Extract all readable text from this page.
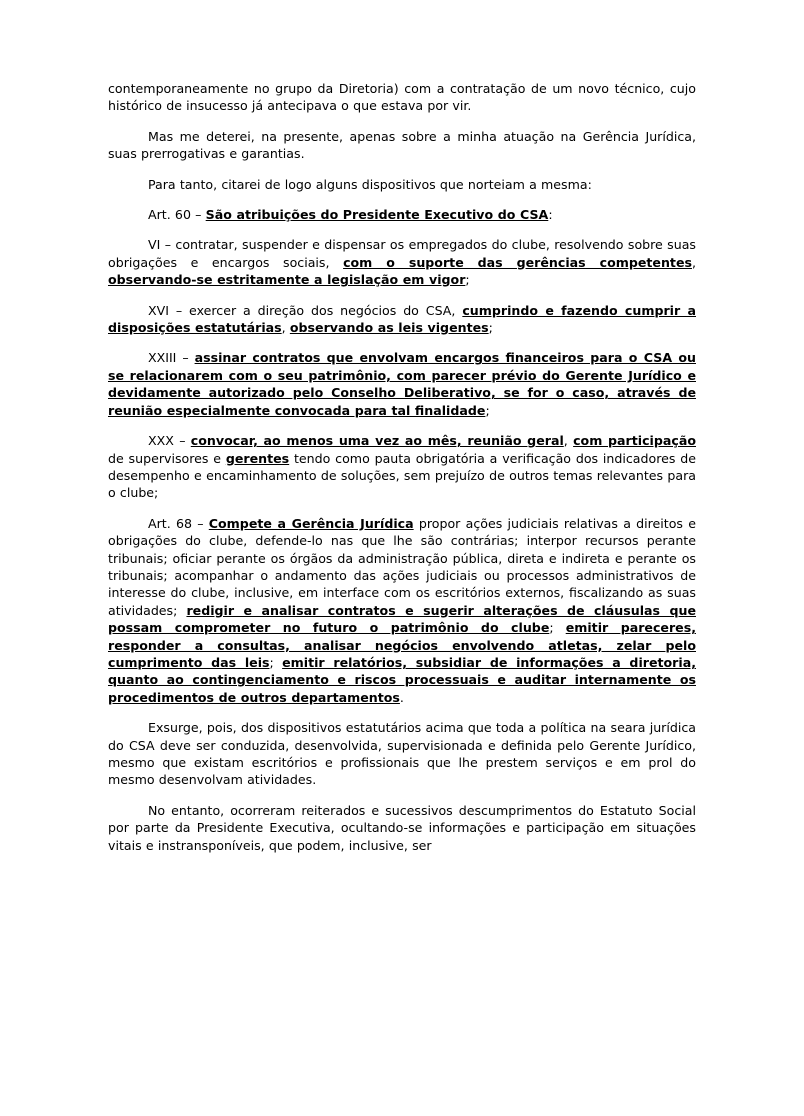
contemporaneamente no grupo da Diretoria) com a contratação de um novo técnico, cujo histórico de insucesso já antecipava o que estava por vir.

Mas me deterei, na presente, apenas sobre a minha atuação na Gerência Jurídica, suas prerrogativas e garantias.

Para tanto, citarei de logo alguns dispositivos que norteiam a mesma:

Art. 60 – São atribuições do Presidente Executivo do CSA:

VI – contratar, suspender e dispensar os empregados do clube, resolvendo sobre suas obrigações e encargos sociais, com o suporte das gerências competentes, observando-se estritamente a legislação em vigor;

XVI – exercer a direção dos negócios do CSA, cumprindo e fazendo cumprir a disposições estatutárias, observando as leis vigentes;

XXIII – assinar contratos que envolvam encargos financeiros para o CSA ou se relacionarem com o seu patrimônio, com parecer prévio do Gerente Jurídico e devidamente autorizado pelo Conselho Deliberativo, se for o caso, através de reunião especialmente convocada para tal finalidade;

XXX – convocar, ao menos uma vez ao mês, reunião geral, com participação de supervisores e gerentes tendo como pauta obrigatória a verificação dos indicadores de desempenho e encaminhamento de soluções, sem prejuízo de outros temas relevantes para o clube;

Art. 68 – Compete a Gerência Jurídica propor ações judiciais relativas a direitos e obrigações do clube, defende-lo nas que lhe são contrárias; interpor recursos perante tribunais; oficiar perante os órgãos da administração pública, direta e indireta e perante os tribunais; acompanhar o andamento das ações judiciais ou processos administrativos de interesse do clube, inclusive, em interface com os escritórios externos, fiscalizando as suas atividades; redigir e analisar contratos e sugerir alterações de cláusulas que possam comprometer no futuro o patrimônio do clube; emitir pareceres, responder a consultas, analisar negócios envolvendo atletas, zelar pelo cumprimento das leis; emitir relatórios, subsidiar de informações a diretoria, quanto ao contingenciamento e riscos processuais e auditar internamente os procedimentos de outros departamentos.

Exsurge, pois, dos dispositivos estatutários acima que toda a política na seara jurídica do CSA deve ser conduzida, desenvolvida, supervisionada e definida pelo Gerente Jurídico, mesmo que existam escritórios e profissionais que lhe prestem serviços e em prol do mesmo desenvolvam atividades.

No entanto, ocorreram reiterados e sucessivos descumprimentos do Estatuto Social por parte da Presidente Executiva, ocultando-se informações e participação em situações vitais e instransponíveis, que podem, inclusive, ser
